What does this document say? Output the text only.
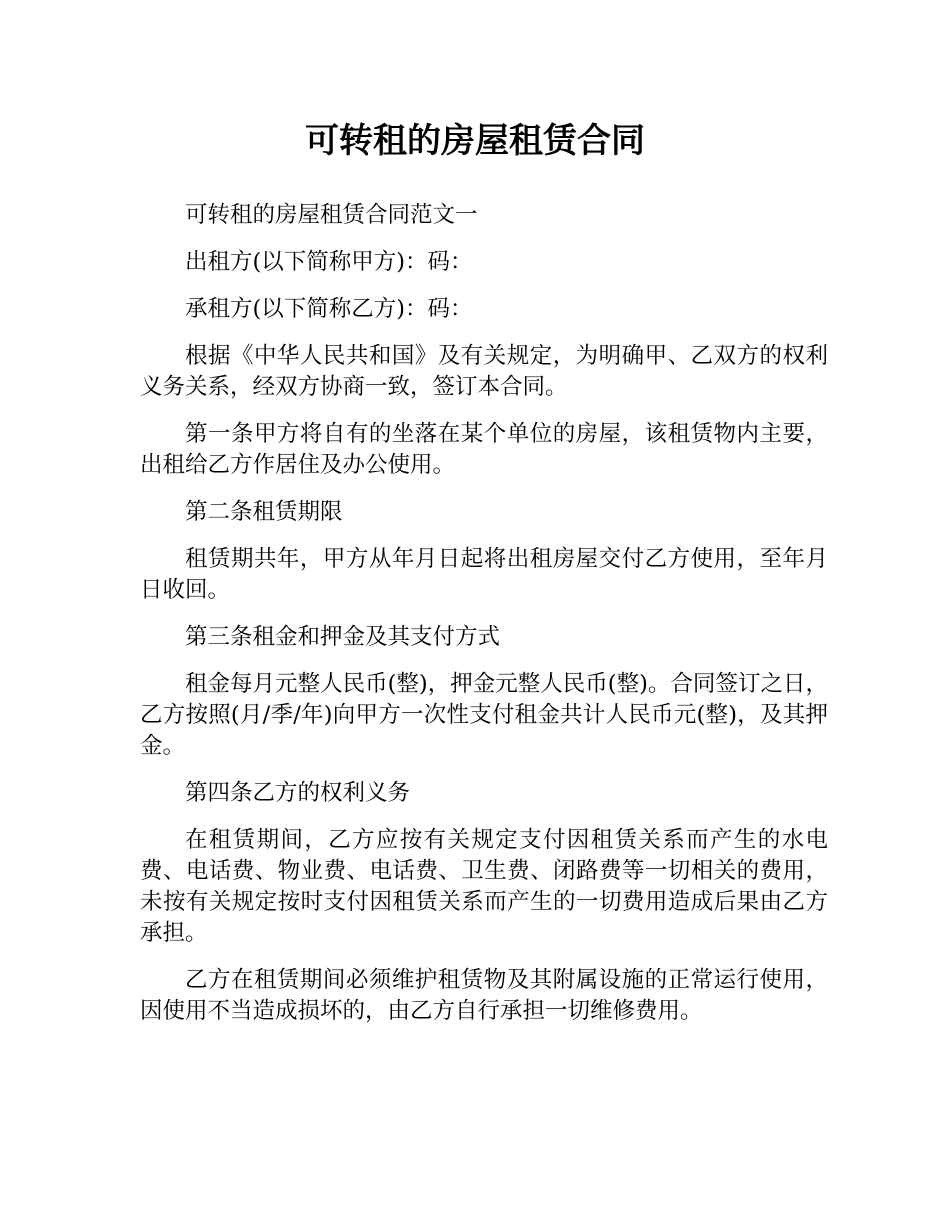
可转租的房屋租赁合同

可转租的房屋租赁合同范文一

出租方(以下简称甲方)：码：

承租方(以下简称乙方)：码：

根据《中华人民共和国》及有关规定，为明确甲、乙双方的权利义务关系，经双方协商一致，签订本合同。

第一条甲方将自有的坐落在某个单位的房屋，该租赁物内主要，出租给乙方作居住及办公使用。

第二条租赁期限

租赁期共年，甲方从年月日起将出租房屋交付乙方使用，至年月日收回。

第三条租金和押金及其支付方式

租金每月元整人民币(整)，押金元整人民币(整)。合同签订之日，乙方按照(月/季/年)向甲方一次性支付租金共计人民币元(整)，及其押金。

第四条乙方的权利义务

在租赁期间，乙方应按有关规定支付因租赁关系而产生的水电费、电话费、物业费、电话费、卫生费、闭路费等一切相关的费用，未按有关规定按时支付因租赁关系而产生的一切费用造成后果由乙方承担。

乙方在租赁期间必须维护租赁物及其附属设施的正常运行使用，因使用不当造成损坏的，由乙方自行承担一切维修费用。
